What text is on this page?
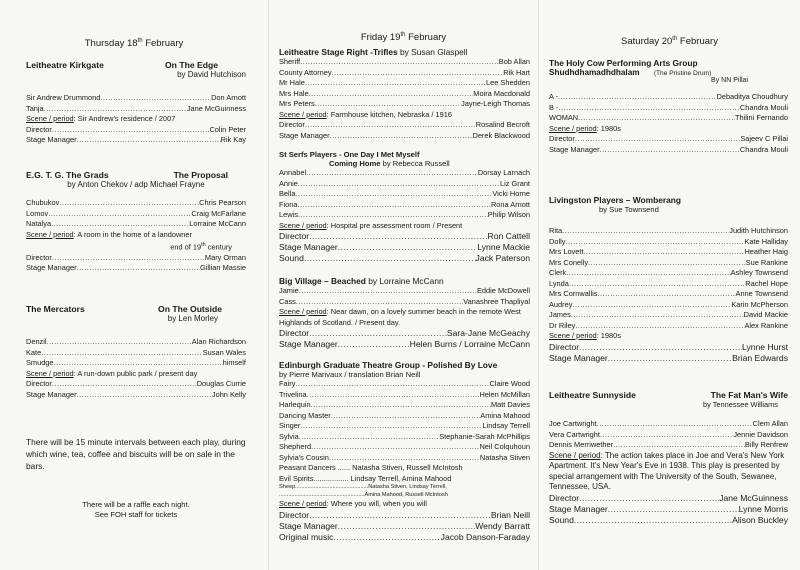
Thursday 18th February
Leitheatre Kirkgate	On The Edge
by David Hutchison
Sir Andrew Drummond .....	Don Arnott
Tanja .....	Jane McGuinness
Scene / period: Sir Andrew's residence / 2007
Director .....	Colin Peter
Stage Manager .....	Rik Kay
E.G. T. G. The Grads	The Proposal
by Anton Chekov / adp Michael Frayne
Chubukov .....	Chris Pearson
Lomov .....	Craig McFarlane
Natalya .....	Lorraine McCann
Scene / period: A room in the home of a landowner
end of 19th century
Director .....	Mary Orman
Stage Manager .....	Gillian Massie
The Mercators	On The Outside
by Len Morley
Denzil .....	Alan Richardson
Kate .....	Susan Wales
Smudge .....	himself
Scene / period: A run-down public park / present day
Director .....	Douglas Currie
Stage Manager .....	John Kelly
There will be 15 minute intervals between each play, during which wine, tea, coffee and biscuits will be on sale in the bars.
There will be a raffle each night.
See FOH staff for tickets
Friday 19th February
Leitheatre Stage Right -Trifles by Susan Glaspell
Sheriff .....	Bob Allan
County Attorney .....	Rik Hart
Mr Hale .....	Lee Shedden
Mrs Hale .....	Moira Macdonald
Mrs Peters .....	Jayne-Leigh Thomas
Scene / period: Farmhouse kitchen, Nebraska / 1916
Director .....	Rosalind Becroft
Stage Manager .....	Derek Blackwood
St Serfs Players - One Day I Met Myself
Coming Home by Rebecca Russell
Annabel .....	Dorsay Larnach
Annie .....	Liz Grant
Bella .....	Vicki Horne
Fiona .....	Rona Arnott
Lewis .....	Philip Wilson
Scene / period: Hospital pre assessment room / Present
Director .....	Ron Cattell
Stage Manager .....	Lynne Mackie
Sound .....	Jack Paterson
Big Village – Beached by Lorraine McCann
Jamie .....	Eddie McDowell
Cass .....	Vanashree Thapliyal
Scene / period: Near dawn, on a lovely summer beach in the remote West Highlands of Scotland. / Present day.
Director .....	Sara-Jane McGeachy
Stage Manager .....	Helen Burns / Lorraine McCann
Edinburgh Graduate Theatre Group - Polished By Love
by Pierre Marivaux / translation Brian Neill
Fairy .....	Claire Wood
Trivelina .....	Helen McMillan
Harlequin .....	Matt Davies
Dancing Master .....	Amina Mahood
Singer .....	Lindsay Terrell
Sylvia .....	Stephanie-Sarah McPhillips
Shepherd .....	Neil Colquhoun
Sylvia's Cousin .....	Natasha Stiven
Peasant Dancers ...... Natasha Stiven, Russell McIntosh
Evil Spirits................. Lindsay Terrell, Amina Mahood
Sheep...............................................Natasha Stiven, Lindsay Terrell,
.......................................................Amina Mahood, Russell McIntosh
Scene / period: Where you will, when you will
Director .....	Brian Neill
Stage Manager .....	Wendy Barratt
Original music .....	Jacob Danson-Faraday
Saturday 20th February
The Holy Cow Performing Arts Group
Shudhdhamadhdhalam (The Pristine Drum)
By NN Pillai
A - .....	Debaditya Choudhury
B - .....	Chandra Mouli
WOMAN .....	Thilini Fernando
Scene / period: 1980s
Director .....	Sajeev C Pillai
Stage Manager .....	Chandra Mouli
Livingston Players – Womberang
by Sue Townsend
Rita .....	Judith Hutchinson
Dolly .....	Kate Halliday
Mrs Lovett .....	Heather Haig
Mrs Conelly .....	Sue Rankine
Clerk .....	Ashley Townsend
Lynda .....	Rachel Hope
Mrs Cornwallis .....	Anne Townsend
Audrey .....	Karin McPherson
James .....	David Mackie
Dr Riley .....	Alex Rankine
Scene / period: 1980s
Director .....	Lynne Hurst
Stage Manager .....	Brian Edwards
Leitheatre Sunnyside	The Fat Man's Wife
by Tennessee Williams
Joe Cartwright .....	Clem Allan
Vera Cartwright .....	Jennie Davidson
Dennis Merriwether .....	Billy Renfrew
Scene / period: The action takes place in Joe and Vera's New York Apartment. It's New Year's Eve in 1938. This play is presented by special arrangement with The University of the South, Sewanee, Tennessee, USA.
Director .....	Jane McGuinness
Stage Manager .....	Lynne Morris
Sound .....	Alison Buckley
